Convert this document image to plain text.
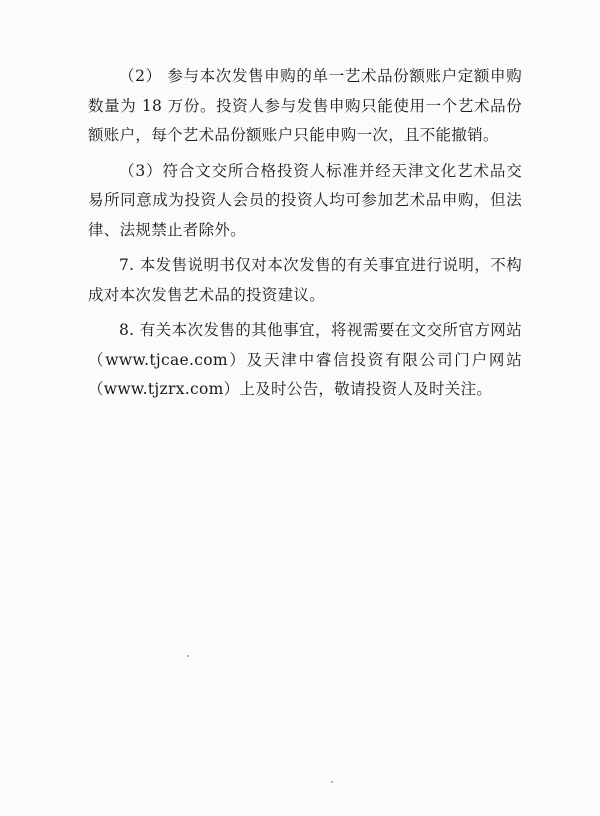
（2） 参与本次发售申购的单一艺术品份额账户定额申购数量为 18 万份。投资人参与发售申购只能使用一个艺术品份额账户，每个艺术品份额账户只能申购一次，且不能撤销。

（3）符合文交所合格投资人标准并经天津文化艺术品交易所同意成为投资人会员的投资人均可参加艺术品申购，但法律、法规禁止者除外。

7. 本发售说明书仅对本次发售的有关事宜进行说明，不构成对本次发售艺术品的投资建议。

8. 有关本次发售的其他事宜，将视需要在文交所官方网站（www.tjcae.com）及天津中睿信投资有限公司门户网站（www.tjzrx.com）上及时公告，敬请投资人及时关注。
